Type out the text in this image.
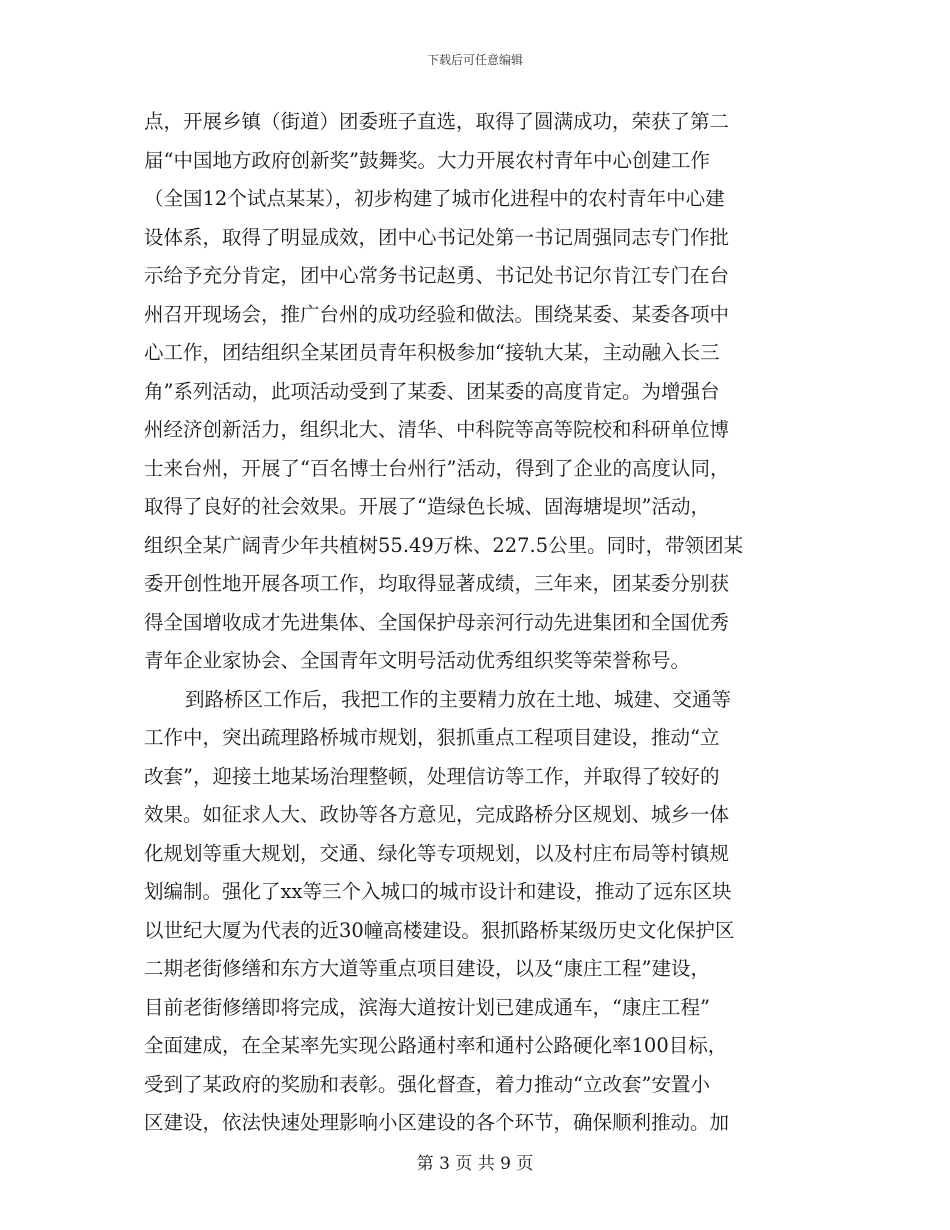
下载后可任意编辑
点，开展乡镇（街道）团委班子直选，取得了圆满成功，荣获了第二
届“中国地方政府创新奖”鼓舞奖。大力开展农村青年中心创建工作
（全国12个试点某某），初步构建了城市化进程中的农村青年中心建
设体系，取得了明显成效，团中心书记处第一书记周强同志专门作批
示给予充分肯定，团中心常务书记赵勇、书记处书记尔肯江专门在台
州召开现场会，推广台州的成功经验和做法。围绕某委、某委各项中
心工作，团结组织全某团员青年积极参加“接轨大某，主动融入长三
角”系列活动，此项活动受到了某委、团某委的高度肯定。为增强台
州经济创新活力，组织北大、清华、中科院等高等院校和科研单位博
士来台州，开展了“百名博士台州行”活动，得到了企业的高度认同，
取得了良好的社会效果。开展了“造绿色长城、固海塘堤坝”活动，
组织全某广阔青少年共植树55.49万株、227.5公里。同时，带领团某
委开创性地开展各项工作，均取得显著成绩，三年来，团某委分别获
得全国增收成才先进集体、全国保护母亲河行动先进集团和全国优秀
青年企业家协会、全国青年文明号活动优秀组织奖等荣誉称号。
到路桥区工作后，我把工作的主要精力放在土地、城建、交通等
工作中，突出疏理路桥城市规划，狠抓重点工程项目建设，推动“立
改套”，迎接土地某场治理整顿，处理信访等工作，并取得了较好的
效果。如征求人大、政协等各方意见，完成路桥分区规划、城乡一体
化规划等重大规划，交通、绿化等专项规划，以及村庄布局等村镇规
划编制。强化了xx等三个入城口的城市设计和建设，推动了远东区块
以世纪大厦为代表的近30幢高楼建设。狠抓路桥某级历史文化保护区
二期老街修缮和东方大道等重点项目建设，以及“康庄工程”建设，
目前老街修缮即将完成，滨海大道按计划已建成通车，“康庄工程”
全面建成，在全某率先实现公路通村率和通村公路硬化率100目标，
受到了某政府的奖励和表彰。强化督查，着力推动“立改套”安置小
区建设，依法快速处理影响小区建设的各个环节，确保顺利推动。加
第 3 页 共 9 页
